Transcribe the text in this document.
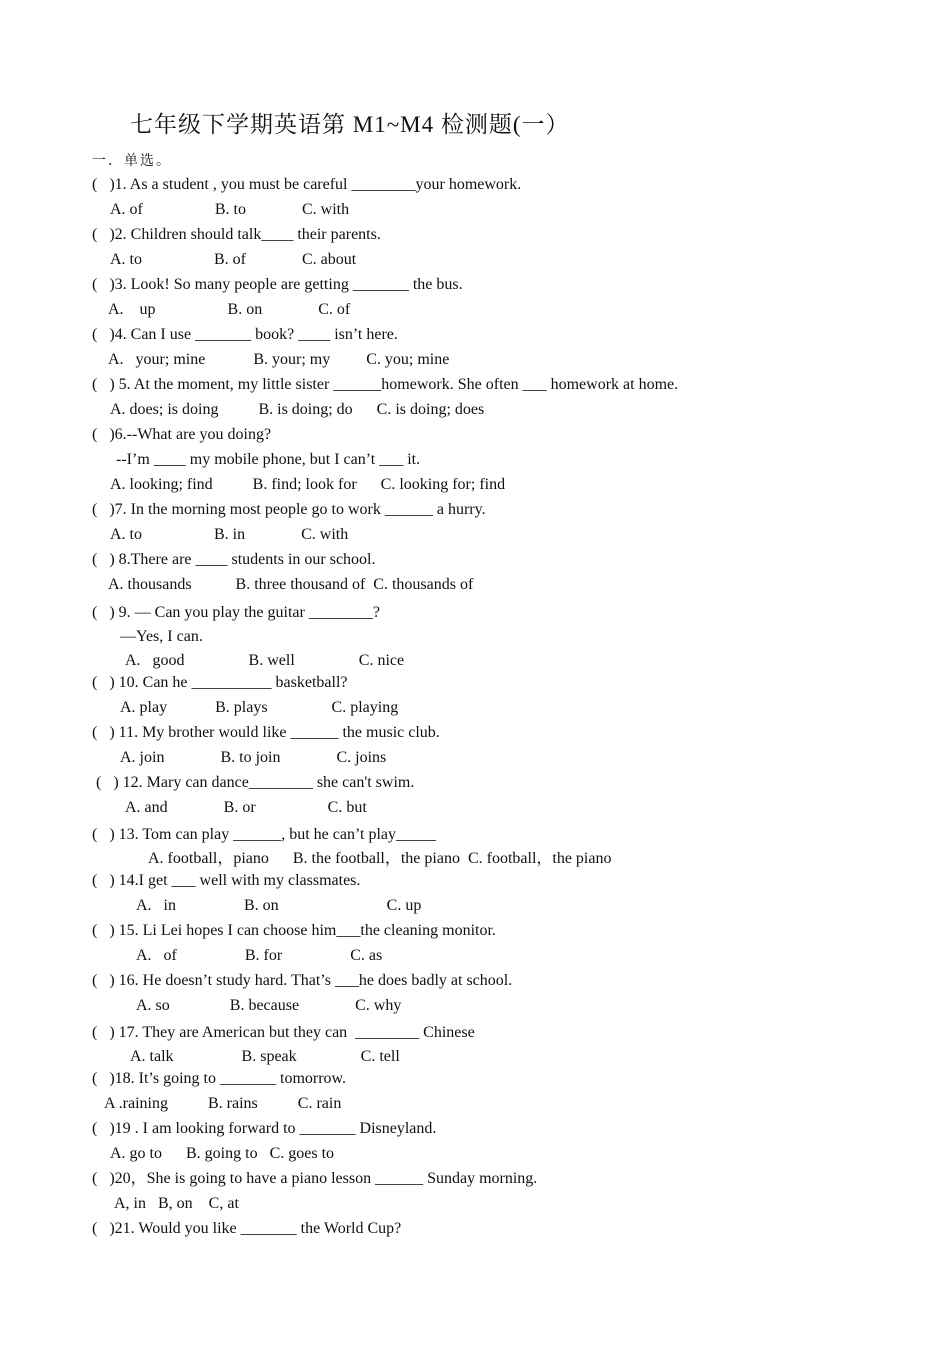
七年级下学期英语第 M1~M4 检测题(一）
一．单选。
(   )1. As a student , you must be careful ________your homework.
A. of                  B. to              C. with
(   )2. Children should talk____ their parents.
A. to                  B. of              C. about
(   )3. Look! So many people are getting _______ the bus.
A.    up                  B. on              C. of
(   )4. Can I use _______ book? ____ isn’t here.
A.   your; mine            B. your; my         C. you; mine
(   ) 5. At the moment, my little sister ______homework. She often ___ homework at home.
A. does; is doing          B. is doing; do      C. is doing; does
(   )6.--What are you doing?
--I’m ____ my mobile phone, but I can’t ___ it.
A. looking; find          B. find; look for      C. looking for; find
(   )7. In the morning most people go to work ______ a hurry.
A. to                  B. in              C. with
(   ) 8.There are ____ students in our school.
A. thousands           B. three thousand of  C. thousands of
(   ) 9. — Can you play the guitar ________?
—Yes, I can.
A.   good                B. well                C. nice
(   ) 10. Can he __________ basketball?
A. play            B. plays                C. playing
(   ) 11. My brother would like ______ the music club.
A. join              B. to join              C. joins
(   ) 12. Mary can dance________ she can't swim.
A. and              B. or                  C. but
(   ) 13. Tom can play ______, but he can’t play_____
A. football，piano      B. the football，the piano  C. football，the piano
(   ) 14.I get ___ well with my classmates.
A.   in                 B. on                           C. up
(   ) 15. Li Lei hopes I can choose him___the cleaning monitor.
A.   of                 B. for                 C. as
(   ) 16. He doesn’t study hard. That’s ___he does badly at school.
A. so               B. because              C. why
(   ) 17. They are American but they can  ________ Chinese
A. talk                 B. speak                C. tell
(   )18. It’s going to _______ tomorrow.
A .raining          B. rains          C. rain
(   )19 . I am looking forward to _______ Disneyland.
A. go to      B. going to   C. goes to
(   )20，She is going to have a piano lesson ______ Sunday morning.
A, in   B, on    C, at
(   )21. Would you like _______ the World Cup?
